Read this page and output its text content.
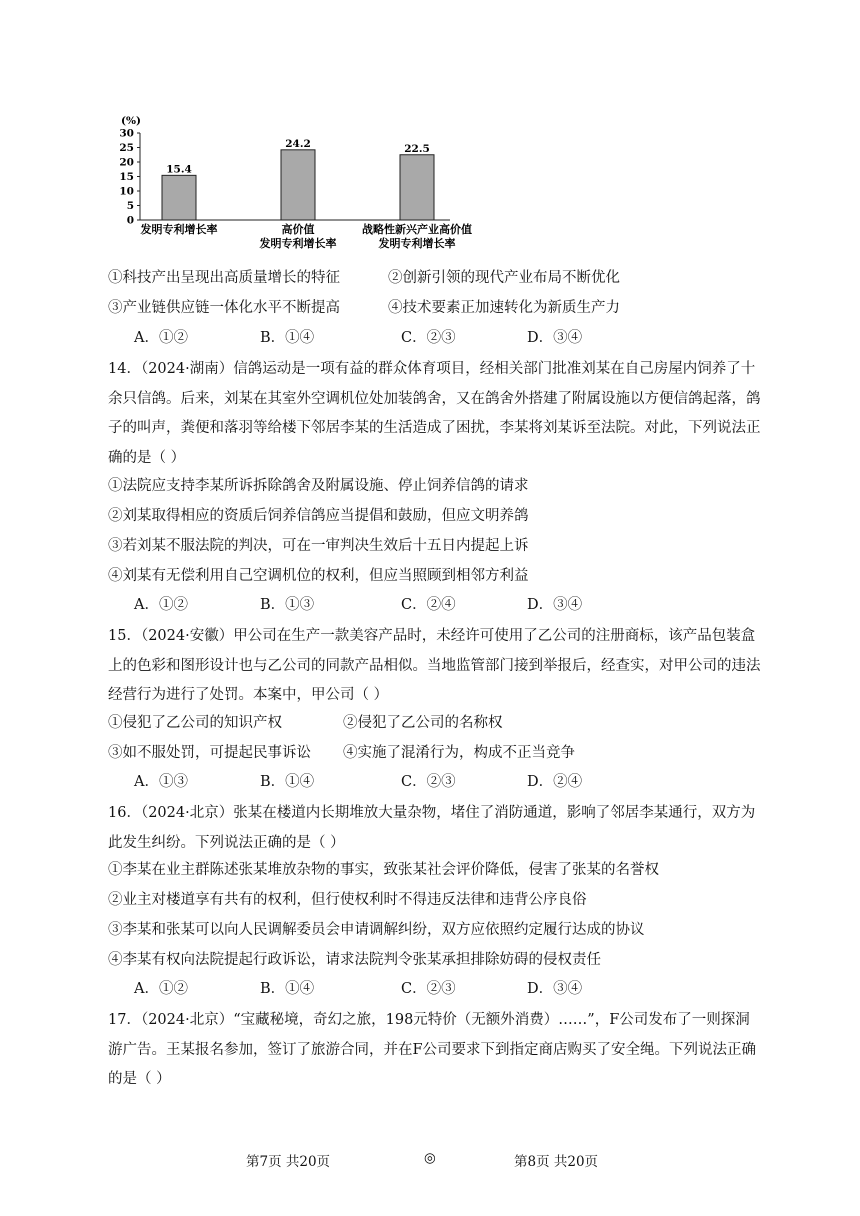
(%)
30
25
20
15
10
5
0
15.4
发明专利增长率
24.2
高价值
发明专利增长率
22.5
战略性新兴产业高价值
发明专利增长率
①科技产出呈现出高质量增长的特征	②创新引领的现代产业布局不断优化
③产业链供应链一体化水平不断提高	④技术要素正加速转化为新质生产力
A．①②	B．①④	C．②③	D．③④
14．（2024·湖南）信鸽运动是一项有益的群众体育项目，经相关部门批准刘某在自己房屋内饲养了十余只信鸽。后来，刘某在其室外空调机位处加装鸽舍，又在鸽舍外搭建了附属设施以方便信鸽起落，鸽子的叫声，粪便和落羽等给楼下邻居李某的生活造成了困扰，李某将刘某诉至法院。对此，下列说法正确的是（ ）
①法院应支持李某所诉拆除鸽舍及附属设施、停止饲养信鸽的请求
②刘某取得相应的资质后饲养信鸽应当提倡和鼓励，但应文明养鸽
③若刘某不服法院的判决，可在一审判决生效后十五日内提起上诉
④刘某有无偿利用自己空调机位的权利，但应当照顾到相邻方利益
A．①②	B．①③	C．②④	D．③④
15．（2024·安徽）甲公司在生产一款美容产品时，未经许可使用了乙公司的注册商标，该产品包装盒上的色彩和图形设计也与乙公司的同款产品相似。当地监管部门接到举报后，经查实，对甲公司的违法经营行为进行了处罚。本案中，甲公司（ ）
①侵犯了乙公司的知识产权	②侵犯了乙公司的名称权
③如不服处罚，可提起民事诉讼 ④实施了混淆行为，构成不正当竞争
A．①③	B．①④	C．②③	D．②④
16．（2024·北京）张某在楼道内长期堆放大量杂物，堵住了消防通道，影响了邻居李某通行，双方为此发生纠纷。下列说法正确的是（ ）
①李某在业主群陈述张某堆放杂物的事实，致张某社会评价降低，侵害了张某的名誉权
②业主对楼道享有共有的权利，但行使权利时不得违反法律和违背公序良俗
③李某和张某可以向人民调解委员会申请调解纠纷，双方应依照约定履行达成的协议
④李某有权向法院提起行政诉讼，请求法院判令张某承担排除妨碍的侵权责任
A．①②	B．①④	C．②③	D．③④
17．（2024·北京）“宝藏秘境，奇幻之旅，198元特价（无额外消费）……”，F公司发布了一则探洞游广告。王某报名参加，签订了旅游合同，并在F公司要求下到指定商店购买了安全绳。下列说法正确的是（ ）
第7页 共20页	◎	第8页 共20页
